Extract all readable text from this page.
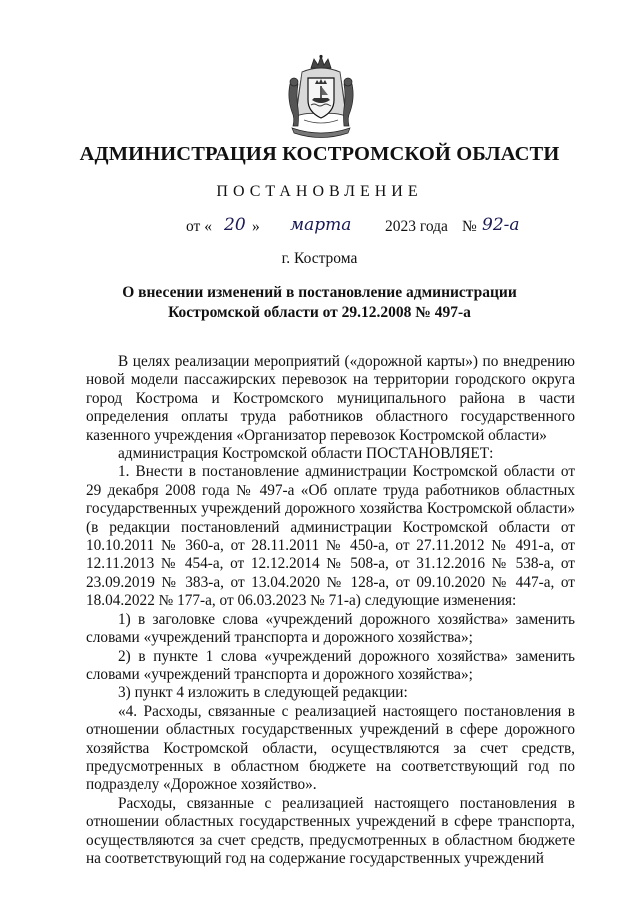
АДМИНИСТРАЦИЯ КОСТРОМСКОЙ ОБЛАСТИ
ПОСТАНОВЛЕНИЕ
от « 20 » марта 2023 года № 92-а
г. Кострома
О внесении изменений в постановление администрации
Костромской области от 29.12.2008 № 497-а

В целях реализации мероприятий («дорожной карты») по внедрению новой модели пассажирских перевозок на территории городского округа город Кострома и Костромского муниципального района в части определения оплаты труда работников областного государственного казенного учреждения «Организатор перевозок Костромской области»

администрация Костромской области ПОСТАНОВЛЯЕТ:

1. Внести в постановление администрации Костромской области от 29 декабря 2008 года № 497-а «Об оплате труда работников областных государственных учреждений дорожного хозяйства Костромской области» (в редакции постановлений администрации Костромской области от 10.10.2011 № 360-а, от 28.11.2011 № 450-а, от 27.11.2012 № 491-а, от 12.11.2013 № 454-а, от 12.12.2014 № 508-а, от 31.12.2016 № 538-а, от 23.09.2019 № 383-а, от 13.04.2020 № 128-а, от 09.10.2020 № 447-а, от 18.04.2022 № 177-а, от 06.03.2023 № 71-а) следующие изменения:

1) в заголовке слова «учреждений дорожного хозяйства» заменить словами «учреждений транспорта и дорожного хозяйства»;

2) в пункте 1 слова «учреждений дорожного хозяйства» заменить словами «учреждений транспорта и дорожного хозяйства»;

3) пункт 4 изложить в следующей редакции:

«4. Расходы, связанные с реализацией настоящего постановления в отношении областных государственных учреждений в сфере дорожного хозяйства Костромской области, осуществляются за счет средств, предусмотренных в областном бюджете на соответствующий год по подразделу «Дорожное хозяйство».

Расходы, связанные с реализацией настоящего постановления в отношении областных государственных учреждений в сфере транспорта, осуществляются за счет средств, предусмотренных в областном бюджете на соответствующий год на содержание государственных учреждений
